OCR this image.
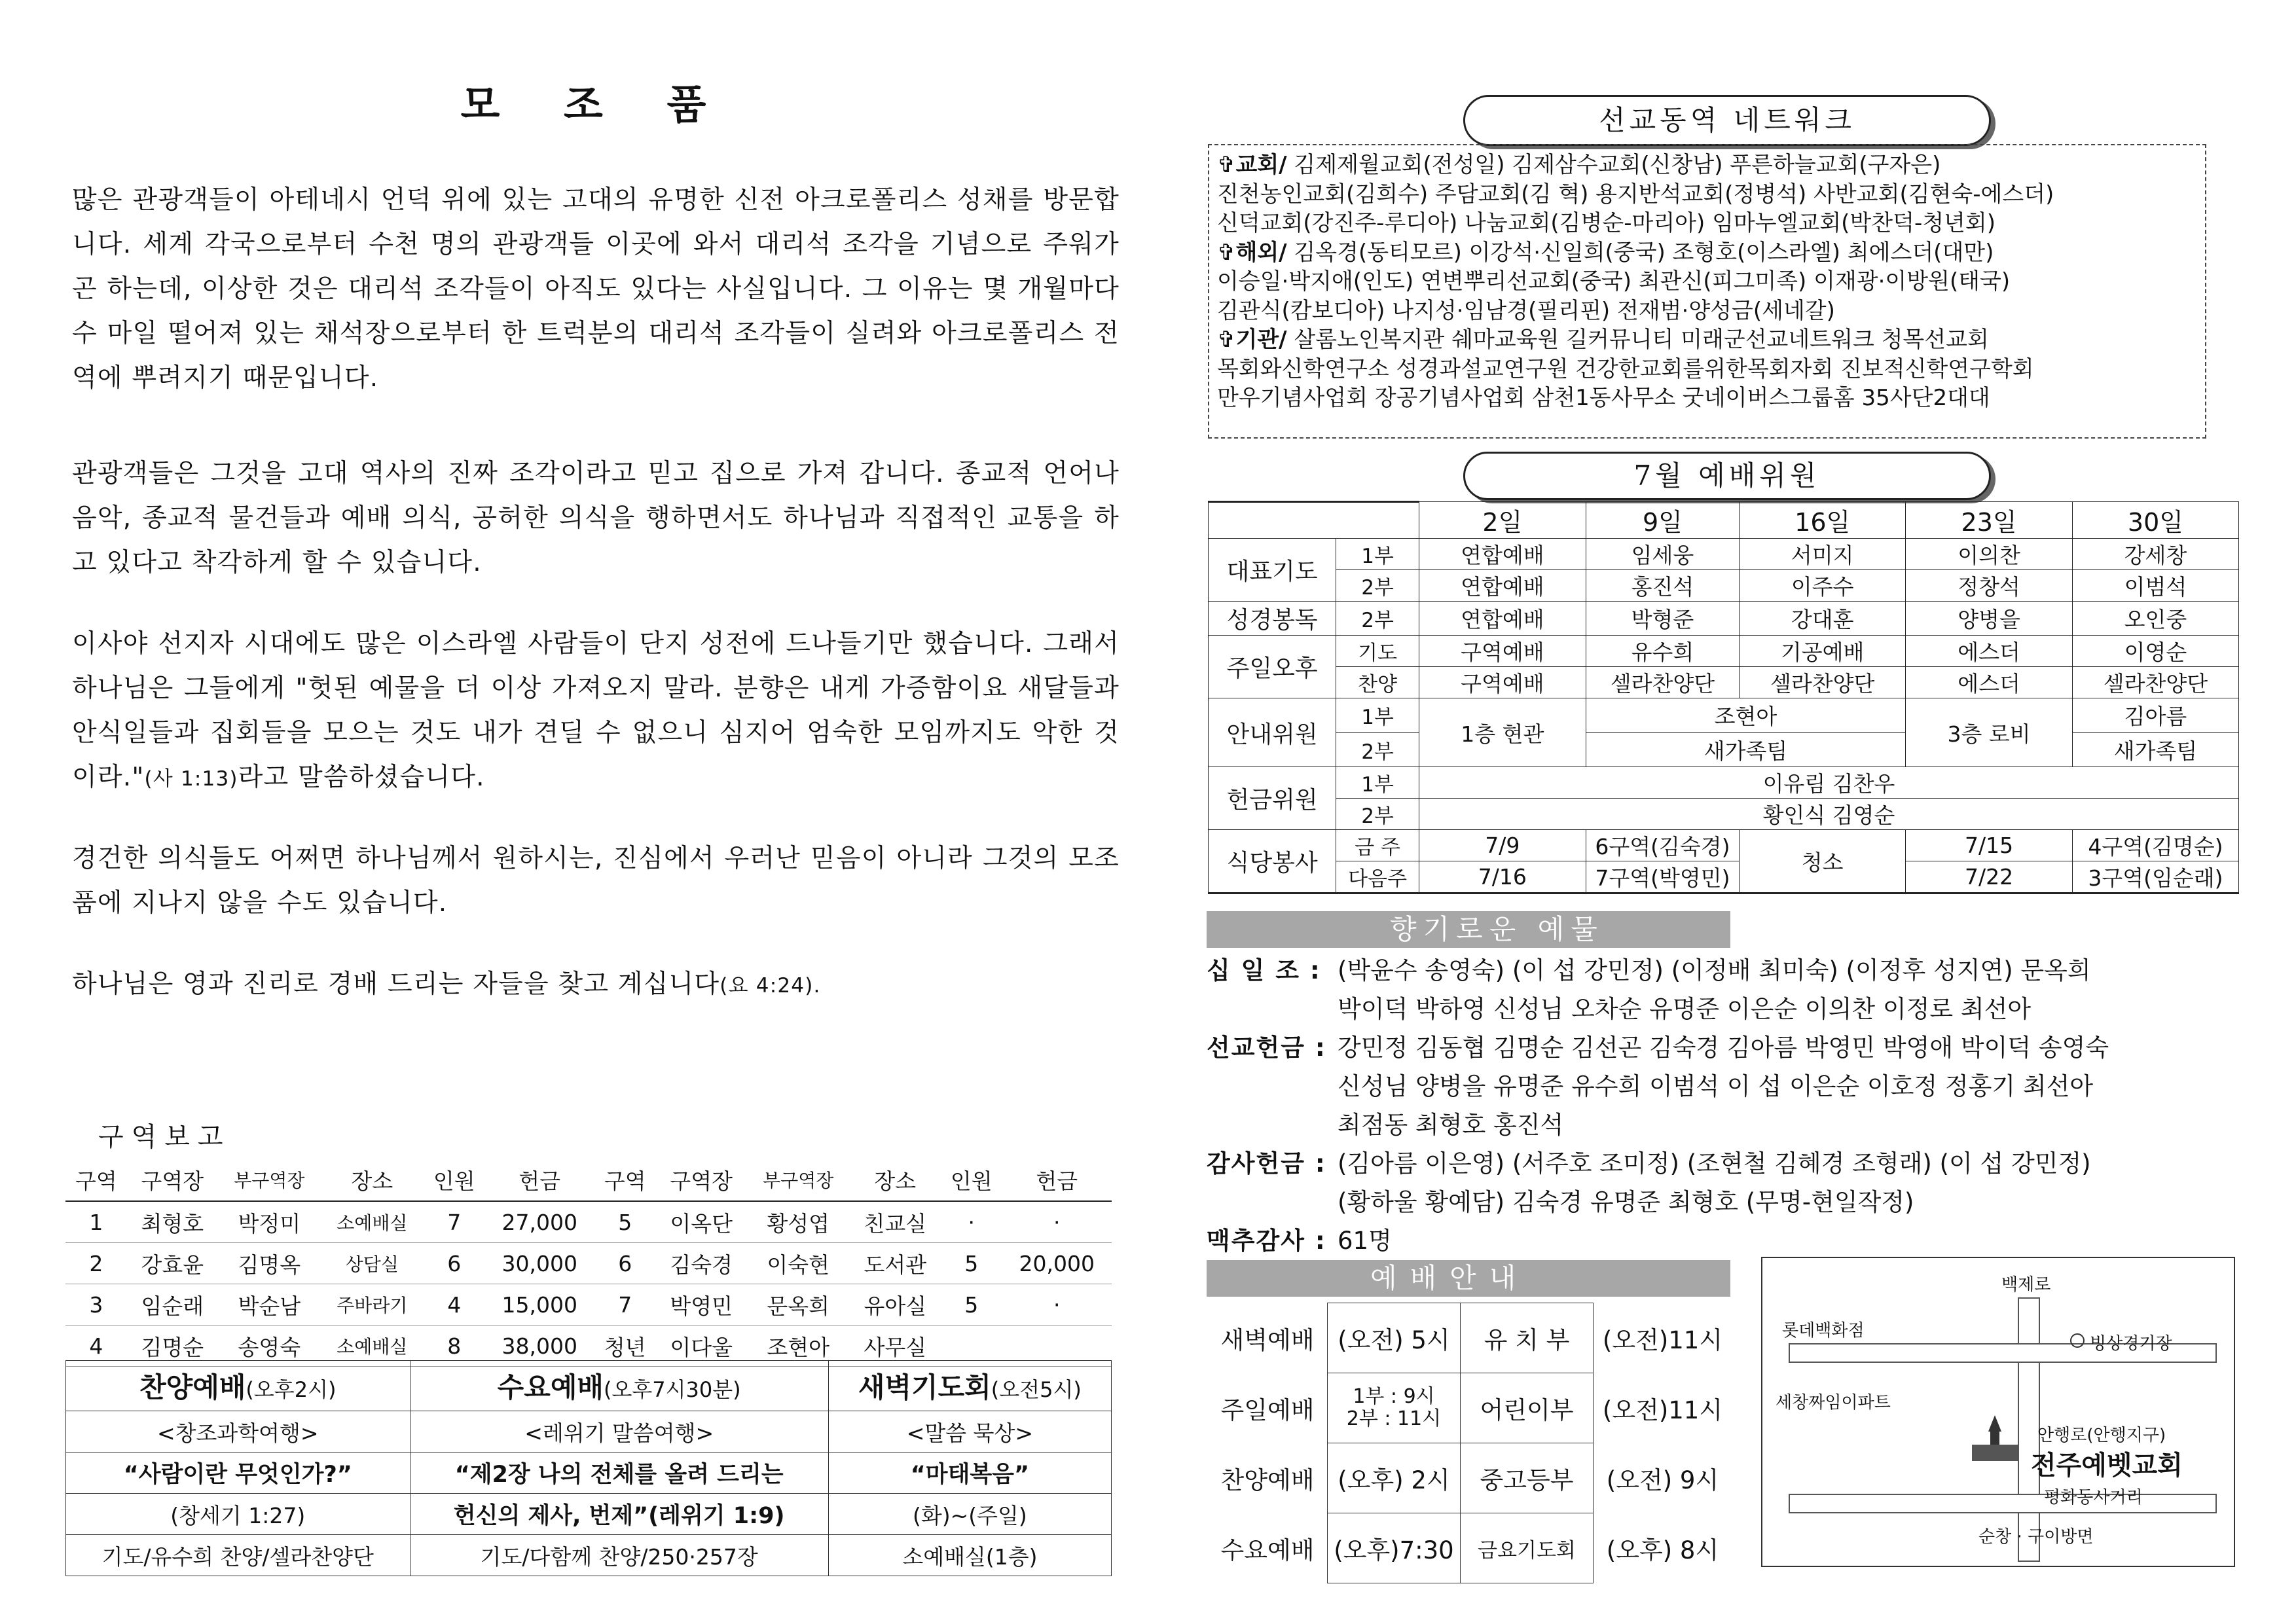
모 조 품
많은 관광객들이 아테네시 언덕 위에 있는 고대의 유명한 신전 아크로폴리스 성채를 방문합니다. 세계 각국으로부터 수천 명의 관광객들 이곳에 와서 대리석 조각을 기념으로 주워가곤 하는데, 이상한 것은 대리석 조각들이 아직도 있다는 사실입니다. 그 이유는 몇 개월마다 수 마일 떨어져 있는 채석장으로부터 한 트럭분의 대리석 조각들이 실려와 아크로폴리스 전역에 뿌려지기 때문입니다.
관광객들은 그것을 고대 역사의 진짜 조각이라고 믿고 집으로 가져 갑니다. 종교적 언어나 음악, 종교적 물건들과 예배 의식, 공허한 의식을 행하면서도 하나님과 직접적인 교통을 하고 있다고 착각하게 할 수 있습니다.
이사야 선지자 시대에도 많은 이스라엘 사람들이 단지 성전에 드나들기만 했습니다. 그래서 하나님은 그들에게 "헛된 예물을 더 이상 가져오지 말라. 분향은 내게 가증함이요 새달들과 안식일들과 집회들을 모으는 것도 내가 견딜 수 없으니 심지어 엄숙한 모임까지도 악한 것이라."(사 1:13)라고 말씀하셨습니다.
경건한 의식들도 어쩌면 하나님께서 원하시는, 진심에서 우러난 믿음이 아니라 그것의 모조품에 지나지 않을 수도 있습니다.
하나님은 영과 진리로 경배 드리는 자들을 찾고 계십니다(요 4:24).
구역보고
구역	구역장	부구역장	장소	인원	헌금	구역	구역장	부구역장	장소	인원	헌금
1	최형호	박정미	소예배실	7	27,000	5	이옥단	황성엽	친교실	·	·
2	강효윤	김명옥	상담실	6	30,000	6	김숙경	이숙현	도서관	5	20,000
3	임순래	박순남	주바라기	4	15,000	7	박영민	문옥희	유아실	5	·
4	김명순	송영숙	소예배실	8	38,000	청년	이다울	조현아	사무실		
찬양예배(오후2시)	수요예배(오후7시30분)	새벽기도회(오전5시)
<창조과학여행>	<레위기 말씀여행>	<말씀 묵상>
“사람이란 무엇인가?”	“제2장 나의 전체를 올려 드리는	“마태복음”
(창세기 1:27)	헌신의 제사, 번제”(레위기 1:9)	(화)~(주일)
기도/유수희 찬양/셀라찬양단	기도/다함께 찬양/250·257장	소예배실(1층)
선교동역 네트워크
✞교회/ 김제제월교회(전성일) 김제삼수교회(신창남) 푸른하늘교회(구자은)
진천농인교회(김희수) 주담교회(김 혁) 용지반석교회(정병석) 사반교회(김현숙-에스더)
신덕교회(강진주-루디아) 나눔교회(김병순-마리아) 임마누엘교회(박찬덕-청년회)
✞해외/ 김옥경(동티모르) 이강석·신일희(중국) 조형호(이스라엘) 최에스더(대만)
이승일·박지애(인도) 연변뿌리선교회(중국) 최관신(피그미족) 이재광·이방원(태국)
김관식(캄보디아) 나지성·임남경(필리핀) 전재범·양성금(세네갈)
✞기관/ 살롬노인복지관 쉐마교육원 길커뮤니티 미래군선교네트워크 청목선교회
목회와신학연구소 성경과설교연구원 건강한교회를위한목회자회 진보적신학연구학회
만우기념사업회 장공기념사업회 삼천1동사무소 굿네이버스그룹홈 35사단2대대
7월 예배위원
		2일	9일	16일	23일	30일
대표기도	1부	연합예배	임세웅	서미지	이의찬	강세창
	2부	연합예배	홍진석	이주수	정창석	이범석
성경봉독	2부	연합예배	박형준	강대훈	양병을	오인중
주일오후	기도	구역예배	유수희	기공예배	에스더	이영순
	찬양	구역예배	셀라찬양단	셀라찬양단	에스더	셀라찬양단
안내위원	1부	1층 현관	조현아		3층 로비	김아름
	2부		새가족팀			새가족팀
헌금위원	1부	이유림 김찬우				
	2부	황인식 김영순				
식당봉사	금 주	7/9	6구역(김숙경)	청소	7/15	4구역(김명순)
	다음주	7/16	7구역(박영민)		7/22	3구역(임순래)
향기로운 예물
십 일 조 : (박윤수 송영숙) (이 섭 강민정) (이정배 최미숙) (이정후 성지연) 문옥희
박이덕 박하영 신성님 오차순 유명준 이은순 이의찬 이정로 최선아
선교헌금 : 강민정 김동협 김명순 김선곤 김숙경 김아름 박영민 박영애 박이덕 송영숙
신성님 양병을 유명준 유수희 이범석 이 섭 이은순 이호정 정홍기 최선아
최점동 최형호 홍진석
감사헌금 : (김아름 이은영) (서주호 조미정) (조현철 김혜경 조형래) (이 섭 강민정)
(황하울 황예담) 김숙경 유명준 최형호 (무명-현일작정)
맥추감사 : 61명
예배안내
새벽예배	(오전) 5시	유 치 부	(오전)11시
주일예배	1부 : 9시
2부 : 11시	어린이부	(오전)11시
찬양예배	(오후) 2시	중고등부	(오전) 9시
수요예배	(오후)7:30	금요기도회	(오후) 8시
백제로
롯데백화점
빙상경기장
세창짜임이파트
안행로(안행지구)
전주예벳교회
평화동사거리
순창 · 구이방면
